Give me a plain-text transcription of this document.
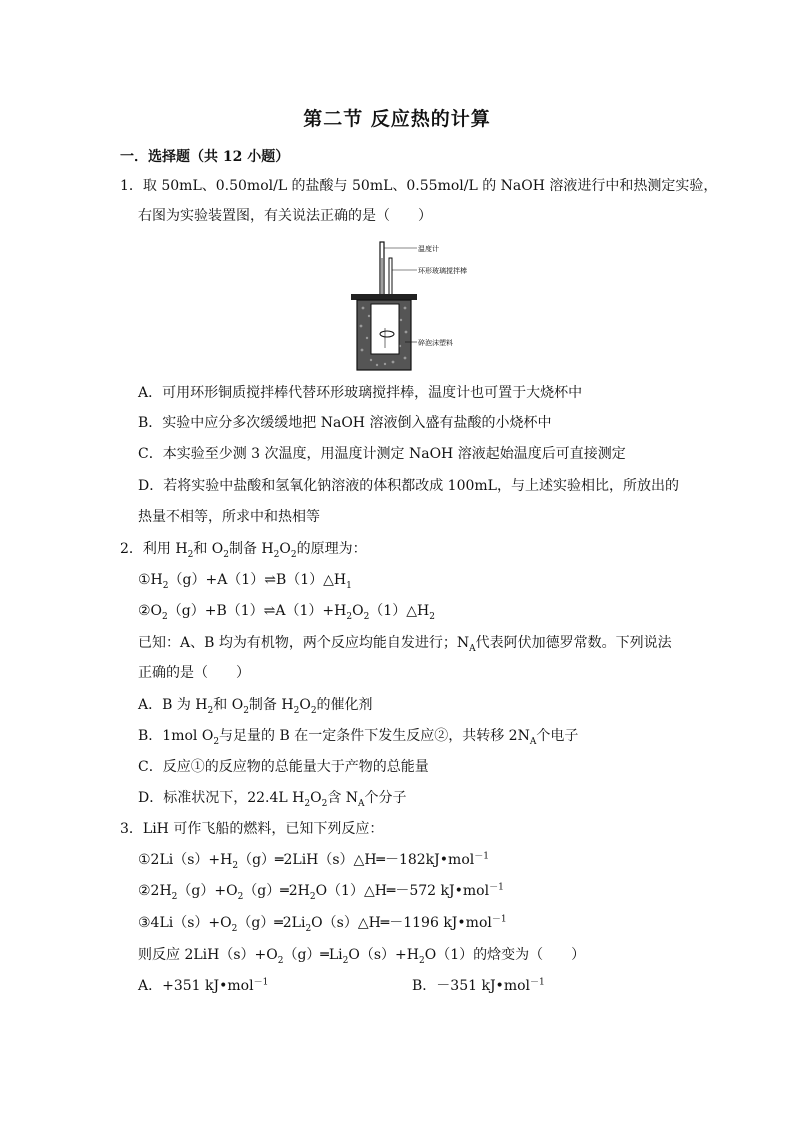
第二节 反应热的计算
一．选择题（共 12 小题）
1．取 50mL、0.50mol/L 的盐酸与 50mL、0.55mol/L 的 NaOH 溶液进行中和热测定实验，
右图为实验装置图，有关说法正确的是（　　）
温度计
环形玻璃搅拌棒
碎泡沫塑料
A．可用环形铜质搅拌棒代替环形玻璃搅拌棒，温度计也可置于大烧杯中
B．实验中应分多次缓缓地把 NaOH 溶液倒入盛有盐酸的小烧杯中
C．本实验至少测 3 次温度，用温度计测定 NaOH 溶液起始温度后可直接测定
D．若将实验中盐酸和氢氧化钠溶液的体积都改成 100mL，与上述实验相比，所放出的
热量不相等，所求中和热相等
2．利用 $H_2$和 $O_2$制备 $H_2O_2$的原理为：
$①H_2(g)+A(1)\rightleftharpoons B(1)\triangle H_1$
$②O_2(g)+B(1)\rightleftharpoons A(1)+H_2O_2(1)\triangle H_2$
已知：A、B 均为有机物，两个反应均能自发进行；$N_A$代表阿伏加德罗常数。下列说法
正确的是（　　）
A．B 为 $H_2$和 $O_2$制备 $H_2O_2$的催化剂
B．1mol $O_2$与足量的 B 在一定条件下发生反应②，共转移 $2N_A$个电子
C．反应①的反应物的总能量大于产物的总能量
D．标准状况下，22.4L $H_2O_2$含 $N_A$个分子
3．LiH 可作飞船的燃料，已知下列反应：
$①2Li(s)+H_2(g)═2LiH(s)\triangle H═-182kJ•mol^{-1}$
$②2H_2(g)+O_2(g)═2H_2O(1)\triangle H═-572$ kJ•mol$^{-1}$
$③4Li(s)+O_2(g)═2Li_2O(s)\triangle H═-1196$ kJ•mol$^{-1}$
则反应 $2LiH(s)+O_2(g)═Li_2O(s)+H_2O(1)$的焓变为（　　）
A．+351 kJ•mol$^{-1}$	B．－351 kJ•mol$^{-1}$
